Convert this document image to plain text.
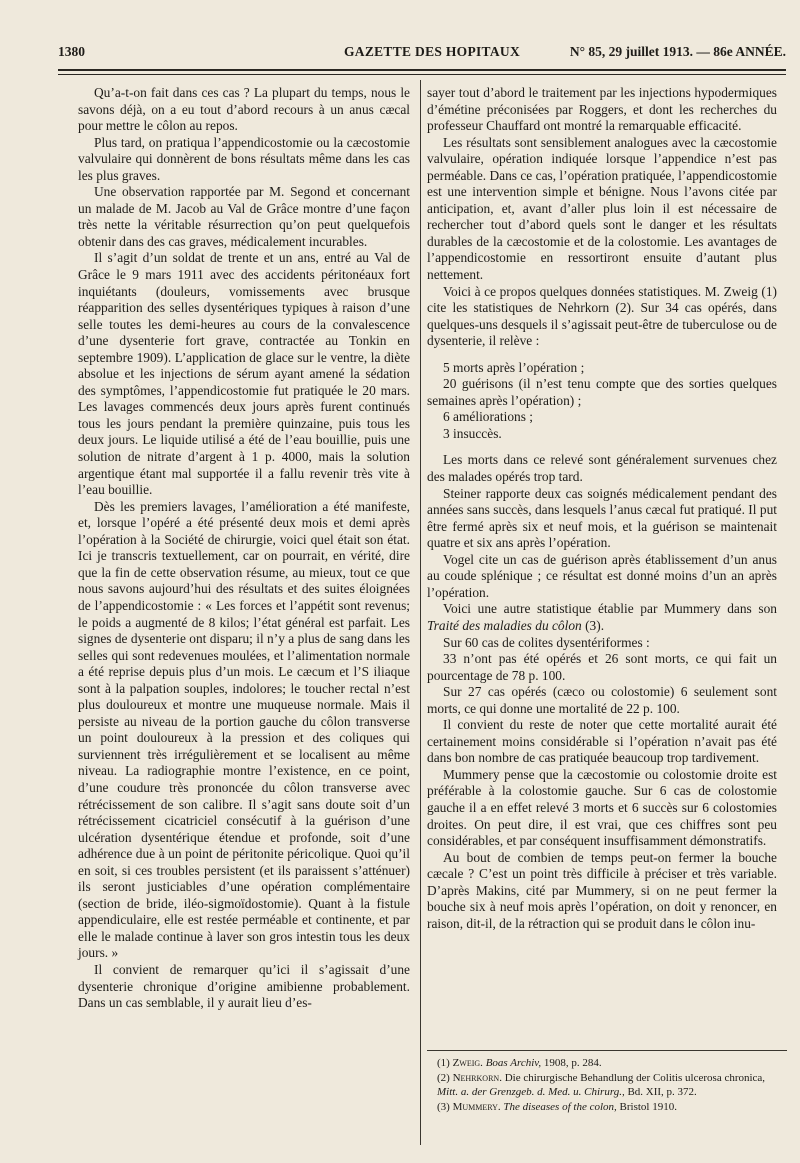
1380	GAZETTE DES HOPITAUX	N° 85, 29 juillet 1913. — 86e ANNÉE.

Qu’a-t-on fait dans ces cas ? La plupart du temps, nous le savons déjà, on a eu tout d’abord recours à un anus cæcal pour mettre le côlon au repos.

Plus tard, on pratiqua l’appendicostomie ou la cæcostomie valvulaire qui donnèrent de bons résultats même dans les cas les plus graves.

Une observation rapportée par M. Segond et concernant un malade de M. Jacob au Val de Grâce montre d’une façon très nette la véritable résurrection qu’on peut quelquefois obtenir dans des cas graves, médicalement incurables.

Il s’agit d’un soldat de trente et un ans, entré au Val de Grâce le 9 mars 1911 avec des accidents péritonéaux fort inquiétants (douleurs, vomissements avec brusque réapparition des selles dysentériques typiques à raison d’une selle toutes les demi-heures au cours de la convalescence d’une dysenterie fort grave, contractée au Tonkin en septembre 1909). L’application de glace sur le ventre, la diète absolue et les injections de sérum ayant amené la sédation des symptômes, l’appendicostomie fut pratiquée le 20 mars. Les lavages commencés deux jours après furent continués tous les jours pendant la première quinzaine, puis tous les deux jours. Le liquide utilisé a été de l’eau bouillie, puis une solution de nitrate d’argent à 1 p. 4000, mais la solution argentique étant mal supportée il a fallu revenir très vite à l’eau bouillie.

Dès les premiers lavages, l’amélioration a été manifeste, et, lorsque l’opéré a été présenté deux mois et demi après l’opération à la Société de chirurgie, voici quel était son état. Ici je transcris textuellement, car on pourrait, en vérité, dire que la fin de cette observation résume, au mieux, tout ce que nous savons aujourd’hui des résultats et des suites éloignées de l’appendicostomie : « Les forces et l’appétit sont revenus; le poids a augmenté de 8 kilos; l’état général est parfait. Les signes de dysenterie ont disparu; il n’y a plus de sang dans les selles qui sont redevenues moulées, et l’alimentation normale a été reprise depuis plus d’un mois. Le cæcum et l’S iliaque sont à la palpation souples, indolores; le toucher rectal n’est plus douloureux et montre une muqueuse normale. Mais il persiste au niveau de la portion gauche du côlon transverse un point douloureux à la pression et des coliques qui surviennent très irrégulièrement et se localisent au même niveau. La radiographie montre l’existence, en ce point, d’une coudure très prononcée du côlon transverse avec rétrécissement de son calibre. Il s’agit sans doute soit d’un rétrécissement cicatriciel consécutif à la guérison d’une ulcération dysentérique étendue et profonde, soit d’une adhérence due à un point de péritonite péricolique. Quoi qu’il en soit, si ces troubles persistent (et ils paraissent s’atténuer) ils seront justiciables d’une opération complémentaire (section de bride, iléo-sigmoïdostomie). Quant à la fistule appendiculaire, elle est restée perméable et continente, et par elle le malade continue à laver son gros intestin tous les deux jours. »

Il convient de remarquer qu’ici il s’agissait d’une dysenterie chronique d’origine amibienne probablement. Dans un cas semblable, il y aurait lieu d’es-

sayer tout d’abord le traitement par les injections hypodermiques d’émétine préconisées par Roggers, et dont les recherches du professeur Chauffard ont montré la remarquable efficacité.

Les résultats sont sensiblement analogues avec la cæcostomie valvulaire, opération indiquée lorsque l’appendice n’est pas perméable. Dans ce cas, l’opération pratiquée, l’appendicostomie est une intervention simple et bénigne. Nous l’avons citée par anticipation, et, avant d’aller plus loin il est nécessaire de rechercher tout d’abord quels sont le danger et les résultats durables de la cæcostomie et de la colostomie. Les avantages de l’appendicostomie en ressortiront ensuite d’autant plus nettement.

Voici à ce propos quelques données statistiques. M. Zweig (1) cite les statistiques de Nehrkorn (2). Sur 34 cas opérés, dans quelques-uns desquels il s’agissait peut-être de tuberculose ou de dysenterie, il relève :

5 morts après l’opération ;

20 guérisons (il n’est tenu compte que des sorties quelques semaines après l’opération) ;

6 améliorations ;

3 insuccès.

Les morts dans ce relevé sont généralement survenues chez des malades opérés trop tard.

Steiner rapporte deux cas soignés médicalement pendant des années sans succès, dans lesquels l’anus cæcal fut pratiqué. Il put être fermé après six et neuf mois, et la guérison se maintenait quatre et six ans après l’opération.

Vogel cite un cas de guérison après établissement d’un anus au coude splénique ; ce résultat est donné moins d’un an après l’opération.

Voici une autre statistique établie par Mummery dans son Traité des maladies du côlon (3).

Sur 60 cas de colites dysentériformes :

33 n’ont pas été opérés et 26 sont morts, ce qui fait un pourcentage de 78 p. 100.

Sur 27 cas opérés (cæco ou colostomie) 6 seulement sont morts, ce qui donne une mortalité de 22 p. 100.

Il convient du reste de noter que cette mortalité aurait été certainement moins considérable si l’opération n’avait pas été dans bon nombre de cas pratiquée beaucoup trop tardivement.

Mummery pense que la cæcostomie ou colostomie droite est préférable à la colostomie gauche. Sur 6 cas de colostomie gauche il a en effet relevé 3 morts et 6 succès sur 6 colostomies droites. On peut dire, il est vrai, que ces chiffres sont peu considérables, et par conséquent insuffisamment démonstratifs.

Au bout de combien de temps peut-on fermer la bouche cæcale ? C’est un point très difficile à préciser et très variable. D’après Makins, cité par Mummery, si on ne peut fermer la bouche six à neuf mois après l’opération, on doit y renoncer, en raison, dit-il, de la rétraction qui se produit dans le côlon inu-

(1) Zweig. Boas Archiv, 1908, p. 284.

(2) Nehrkorn. Die chirurgische Behandlung der Colitis ulcerosa chronica, Mitt. a. der Grenzgeb. d. Med. u. Chirurg., Bd. XII, p. 372.

(3) Mummery. The diseases of the colon, Bristol 1910.
